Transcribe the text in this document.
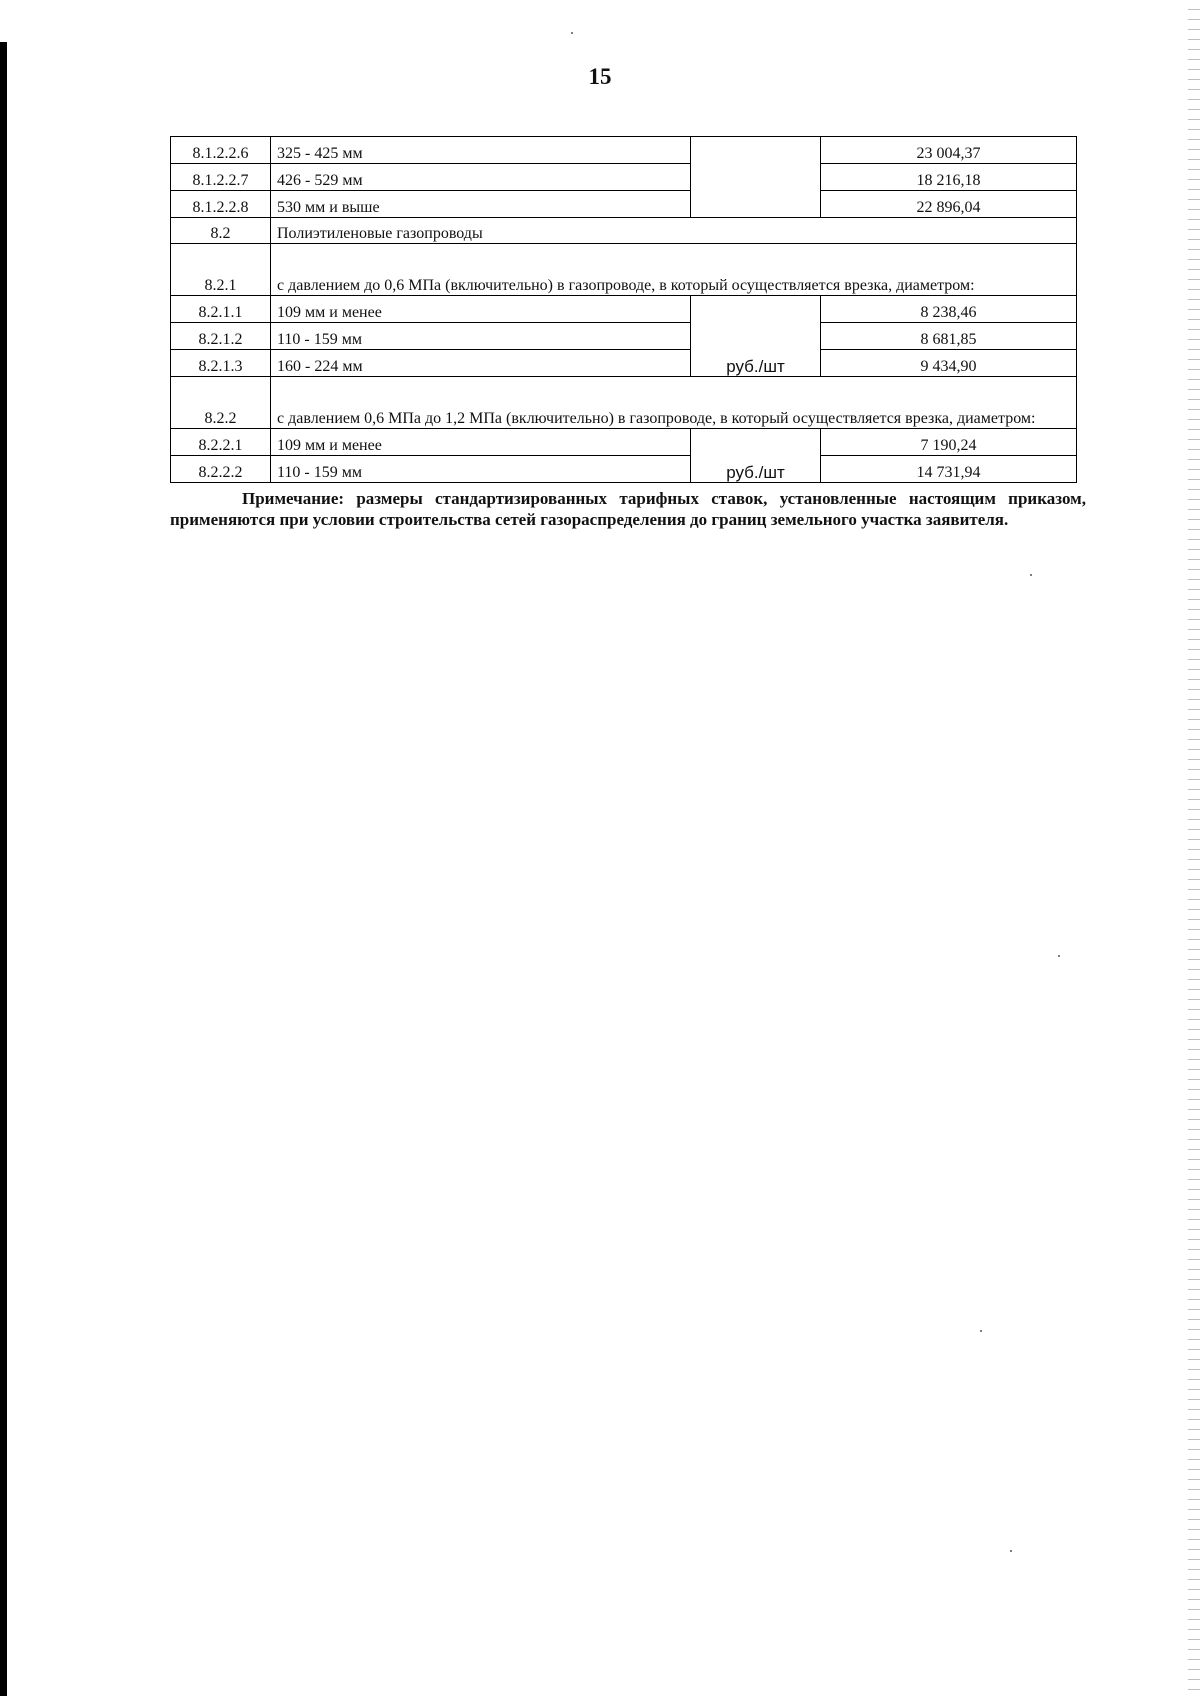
15
8.1.2.2.6	325 - 425 мм		23 004,37
8.1.2.2.7	426 - 529 мм		18 216,18
8.1.2.2.8	530 мм и выше		22 896,04
8.2	Полиэтиленовые газопроводы		
8.2.1	с давлением до 0,6 МПа (включительно) в газопроводе, в который осуществляется врезка, диаметром:		
8.2.1.1	109 мм и менее	руб./шт	8 238,46
8.2.1.2	110 - 159 мм		8 681,85
8.2.1.3	160 - 224 мм		9 434,90
8.2.2	с давлением 0,6 МПа до 1,2 МПа (включительно) в газопроводе, в который осуществляется врезка, диаметром:		
8.2.2.1	109 мм и менее	руб./шт	7 190,24
8.2.2.2	110 - 159 мм		14 731,94
Примечание: размеры стандартизированных тарифных ставок, установленные настоящим приказом, применяются при условии строительства сетей газораспределения до границ земельного участка заявителя.
